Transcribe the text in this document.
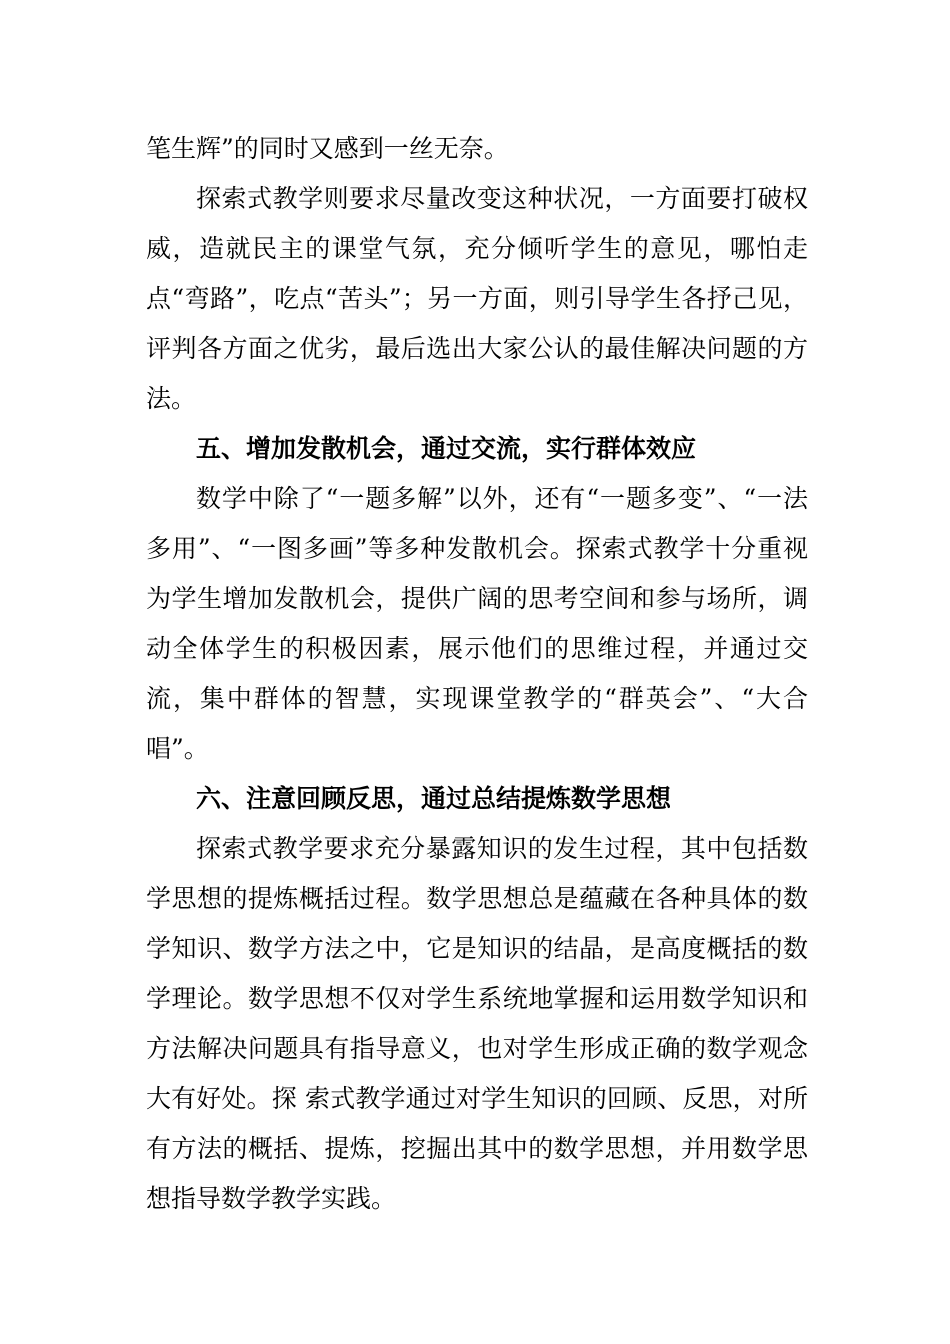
笔生辉”的同时又感到一丝无奈。

探索式教学则要求尽量改变这种状况，一方面要打破权威，造就民主的课堂气氛，充分倾听学生的意见，哪怕走点“弯路”，吃点“苦头”；另一方面，则引导学生各抒己见，评判各方面之优劣，最后选出大家公认的最佳解决问题的方法。

五、增加发散机会，通过交流，实行群体效应

数学中除了“一题多解”以外，还有“一题多变”、“一法多用”、“一图多画”等多种发散机会。探索式教学十分重视为学生增加发散机会，提供广阔的思考空间和参与场所，调动全体学生的积极因素，展示他们的思维过程，并通过交流，集中群体的智慧，实现课堂教学的“群英会”、“大合唱”。

六、注意回顾反思，通过总结提炼数学思想

探索式教学要求充分暴露知识的发生过程，其中包括数学思想的提炼概括过程。数学思想总是蕴藏在各种具体的数学知识、数学方法之中，它是知识的结晶，是高度概括的数学理论。数学思想不仅对学生系统地掌握和运用数学知识和方法解决问题具有指导意义，也对学生形成正确的数学观念大有好处。探 索式教学通过对学生知识的回顾、反思，对所有方法的概括、提炼，挖掘出其中的数学思想，并用数学思想指导数学教学实践。
